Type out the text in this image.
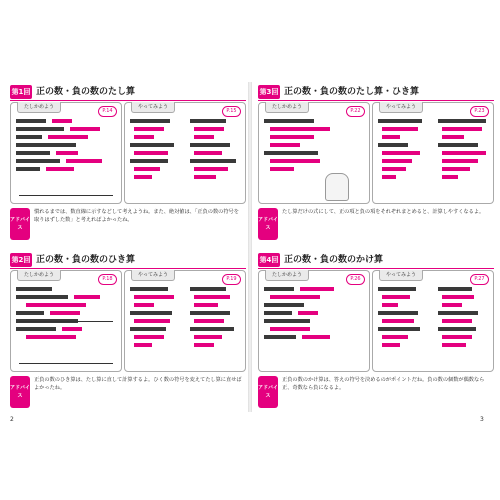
第1回 正の数・負の数のたし算
たしかめよう
P.14
やってみよう
P.15
アドバイス
慣れるまでは、数直線に示すなどして考えようね。また、絶対値は、「正負の数の符号を取りはずした数」と考えればよかったね。
第2回 正の数・負の数のひき算
たしかめよう
P.18
やってみよう
P.19
アドバイス
正負の数のひき算は、たし算に直して計算するよ。ひく数の符号を変えてたし算に直せばよかったね。
第3回 正の数・負の数のたし算・ひき算
たしかめよう
P.22
やってみよう
P.23
アドバイス
たし算だけの式にして、正の項と負の項をそれぞれまとめると、計算しやすくなるよ。
第4回 正の数・負の数のかけ算
たしかめよう
P.26
やってみよう
P.27
アドバイス
正負の数のかけ算は、答えの符号を決めるのがポイントだね。負の数の個数が偶数なら正、奇数なら負になるよ。
2	3
